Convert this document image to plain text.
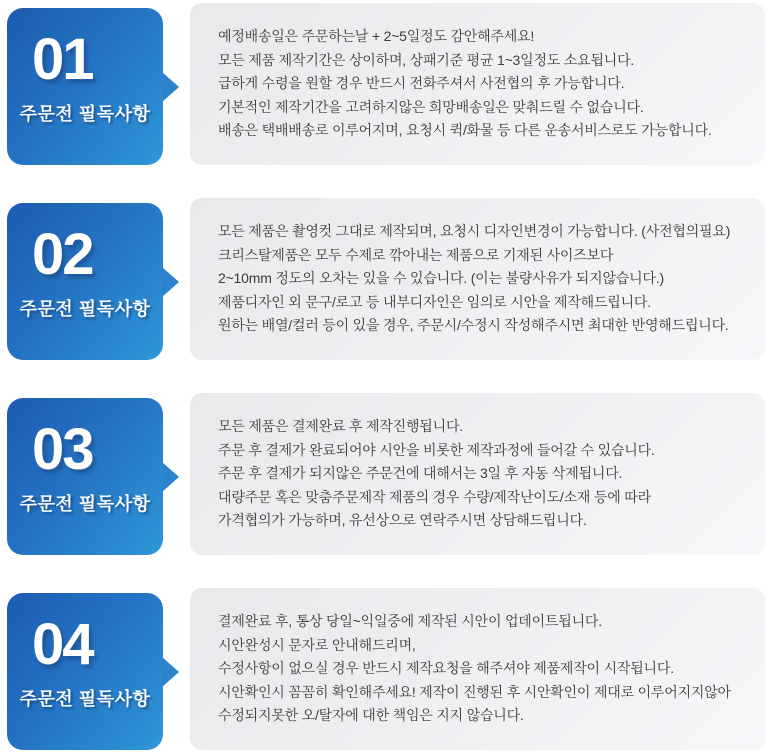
01
주문전 필독사항
예정배송일은 주문하는날 + 2~5일정도 감안해주세요!
모든 제품 제작기간은 상이하며, 상패기준 평균 1~3일정도 소요됩니다.
급하게 수령을 원할 경우 반드시 전화주셔서 사전협의 후 가능합니다.
기본적인 제작기간을 고려하지않은 희망배송일은 맞춰드릴 수 없습니다.
배송은 택배배송로 이루어지며, 요청시 퀵/화물 등 다른 운송서비스로도 가능합니다.
02
주문전 필독사항
모든 제품은 촬영컷 그대로 제작되며, 요청시 디자인변경이 가능합니다. (사전협의필요)
크리스탈제품은 모두 수제로 깎아내는 제품으로 기재된 사이즈보다
2~10mm 정도의 오차는 있을 수 있습니다. (이는 불량사유가 되지않습니다.)
제품디자인 외 문구/로고 등 내부디자인은 임의로 시안을 제작해드립니다.
원하는 배열/컬러 등이 있을 경우, 주문시/수정시 작성해주시면 최대한 반영해드립니다.
03
주문전 필독사항
모든 제품은 결제완료 후 제작진행됩니다.
주문 후 결제가 완료되어야 시안을 비롯한 제작과정에 들어갈 수 있습니다.
주문 후 결제가 되지않은 주문건에 대해서는 3일 후 자동 삭제됩니다.
대량주문 혹은 맞춤주문제작 제품의 경우 수량/제작난이도/소재 등에 따라
가격협의가 가능하며, 유선상으로 연락주시면 상담해드립니다.
04
주문전 필독사항
결제완료 후, 통상 당일~익일중에 제작된 시안이 업데이트됩니다.
시안완성시 문자로 안내해드리며,
수정사항이 없으실 경우 반드시 제작요청을 해주셔야 제품제작이 시작됩니다.
시안확인시 꼼꼼히 확인해주세요! 제작이 진행된 후 시안확인이 제대로 이루어지지않아
수정되지못한 오/탈자에 대한 책임은 지지 않습니다.
